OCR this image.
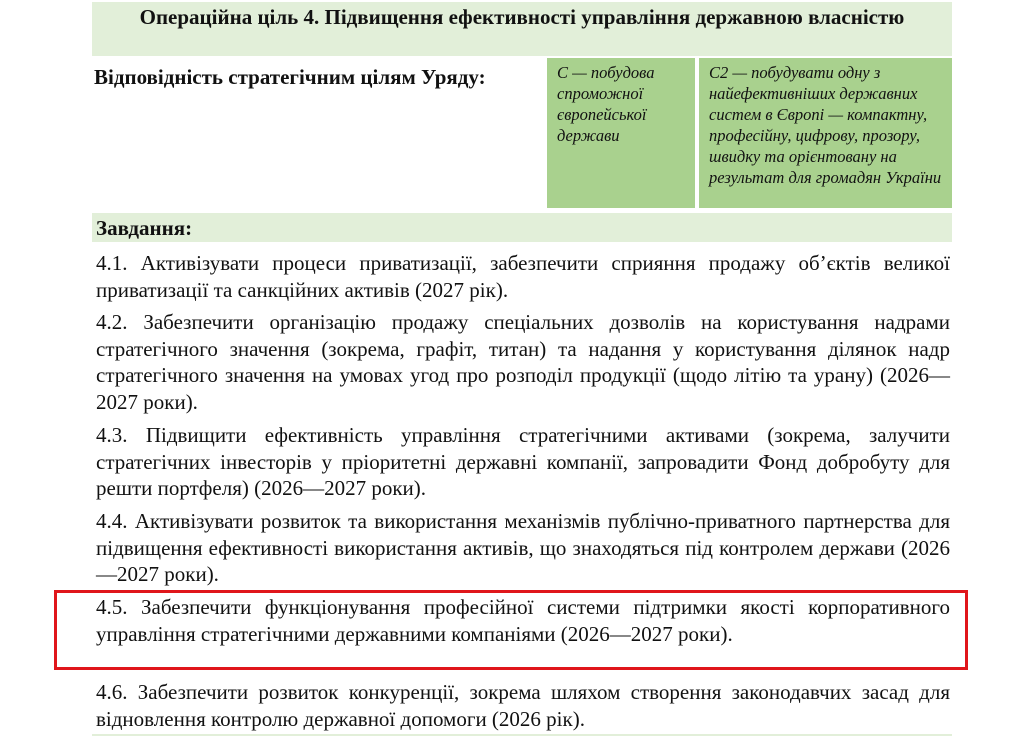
Операційна ціль 4. Підвищення ефективності управління державною власністю

Відповідність стратегічним цілям Уряду:	С — побудова спроможної європейської держави
С2 — побудувати одну з найефективніших державних систем в Європі — компактну, професійну, цифрову, прозору, швидку та орієнтовану на результат для громадян України
Завдання:
4.1. Активізувати процеси приватизації, забезпечити сприяння продажу об’єктів великої приватизації та санкційних активів (2027 рік).
4.2. Забезпечити організацію продажу спеціальних дозволів на користування надрами стратегічного значення (зокрема, графіт, титан) та надання у користування ділянок надр стратегічного значення на умовах угод про розподіл продукції (щодо літію та урану) (2026—2027 роки).
4.3. Підвищити ефективність управління стратегічними активами (зокрема, залучити стратегічних інвесторів у пріоритетні державні компанії, запровадити Фонд добробуту для решти портфеля) (2026—2027 роки).
4.4. Активізувати розвиток та використання механізмів публічно-приватного партнерства для підвищення ефективності використання активів, що знаходяться під контролем держави (2026—2027 роки).
4.5. Забезпечити функціонування професійної системи підтримки якості корпоративного управління стратегічними державними компаніями (2026—2027 роки).
4.6. Забезпечити розвиток конкуренції, зокрема шляхом створення законодавчих засад для відновлення контролю державної допомоги (2026 рік).
